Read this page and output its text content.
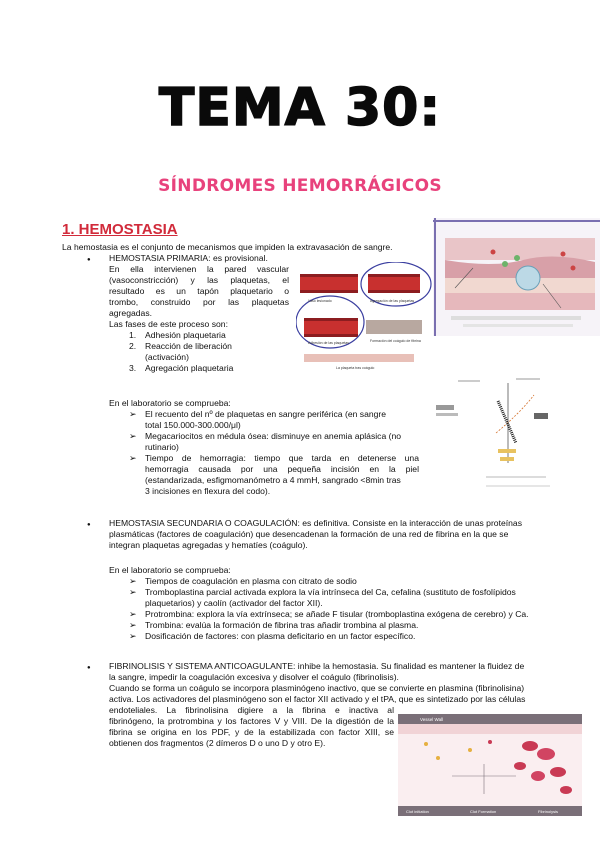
TEMA 30:
SÍNDROMES HEMORRÁGICOS
1. HEMOSTASIA
La hemostasia es el conjunto de mecanismos que impiden la extravasación de sangre.
● HEMOSTASIA PRIMARIA: es provisional.
En ella intervienen la pared vascular
(vasoconstricción) y las plaquetas, el
resultado es un tapón plaquetario o
trombo, construido por las plaquetas
agregadas.
Las fases de este proceso son:
1. Adhesión plaquetaria
2. Reacción de liberación
(activación)
3. Agregación plaquetaria
En el laboratorio se comprueba:
➢ El recuento del nº de plaquetas en sangre periférica (en sangre
total 150.000-300.000/μl)
➢ Megacariocitos en médula ósea: disminuye en anemia aplásica (no
rutinario)
➢ Tiempo de hemorragia: tiempo que tarda en detenerse una
hemorragia causada por una pequeña incisión en la piel
(estandarizada, esfigmomanómetro a 4 mmH, sangrado <8min tras
3 incisiones en flexura del codo).
● HEMOSTASIA SECUNDARIA O COAGULACIÓN: es definitiva. Consiste en la interacción de unas proteínas
plasmáticas (factores de coagulación) que desencadenan la formación de una red de fibrina en la que se
integran plaquetas agregadas y hematíes (coágulo).
En el laboratorio se comprueba:
➢ Tiempos de coagulación en plasma con citrato de sodio
➢ Tromboplastina parcial activada explora la vía intrínseca del Ca, cefalina (sustituto de fosfolípidos
plaquetarios) y caolín (activador del factor XII).
➢ Protrombina: explora la vía extrínseca; se añade F tisular (tromboplastina exógena de cerebro) y Ca.
➢ Trombina: evalúa la formación de fibrina tras añadir trombina al plasma.
➢ Dosificación de factores: con plasma deficitario en un factor específico.
● FIBRINOLISIS Y SISTEMA ANTICOAGULANTE: inhibe la hemostasia. Su finalidad es mantener la fluidez de
la sangre, impedir la coagulación excesiva y disolver el coágulo (fibrinolisis).
Cuando se forma un coágulo se incorpora plasminógeno inactivo, que se convierte en plasmina (fibrinolisina)
activa. Los activadores del plasminógeno son el factor XII activado y el tPA, que es sintetizado por las células
endoteliales. La fibrinolisina digiere a la fibrina e inactiva al
fibrinógeno, la protrombina y los factores V y VIII. De la digestión de la
fibrina se origina en los PDF, y de la estabilizada con factor XIII, se
obtienen dos fragmentos (2 dímeros D o uno D y otro E).
Vaso lesionado	Agregación de las plaquetas
Adhesión de las plaquetas	Formación del coágulo de fibrina
La plaqueta tras coágulo
Vessel Wall
Clot initiation	Clot Formation	Fibrinolysis
